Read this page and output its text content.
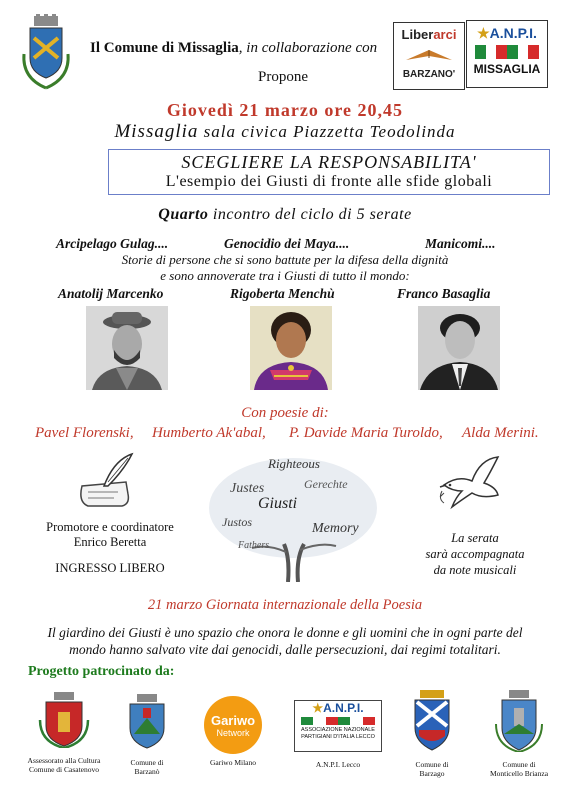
Il Comune di Missaglia, in collaborazione con
Propone
Liberarci
BARZANO'
★A.N.P.I.
MISSAGLIA
Giovedì 21 marzo ore 20,45
Missaglia sala civica Piazzetta Teodolinda
SCEGLIERE LA RESPONSABILITA'
L'esempio dei Giusti di fronte alle sfide globali
Quarto incontro del ciclo di 5 serate
Arcipelago Gulag....	Genocidio dei Maya....	Manicomi....
Storie di persone che si sono battute per la difesa della dignità
e sono annoverate tra i Giusti di tutto il mondo:
Anatolij Marcenko	Rigoberta Menchù	Franco Basaglia
Con poesie di:
Pavel Florenski, Humberto Ak'abal, P. Davide Maria Turoldo, Alda Merini.
Promotore e coordinatore
Enrico Beretta
INGRESSO LIBERO
Righteous
Justes	Gerechte
Giusti
Justos	Memory
Fathers
La serata
sarà accompagnata
da note musicali
21 marzo Giornata internazionale della Poesia
Il giardino dei Giusti è uno spazio che onora le donne e gli uomini che in ogni parte del
mondo hanno salvato vite dai genocidi, dalle persecuzioni, dai regimi totalitari.
Progetto patrocinato da:
Assessorato alla Cultura
Comune di Casatenovo
Comune di
Barzanò
Gariwo
Network
Gariwo Milano
★A.N.P.I.
ASSOCIAZIONE NAZIONALE
PARTIGIANI D'ITALIA LECCO
A.N.P.I. Lecco	Comune di
Barzago
Comune di
Monticello Brianza
